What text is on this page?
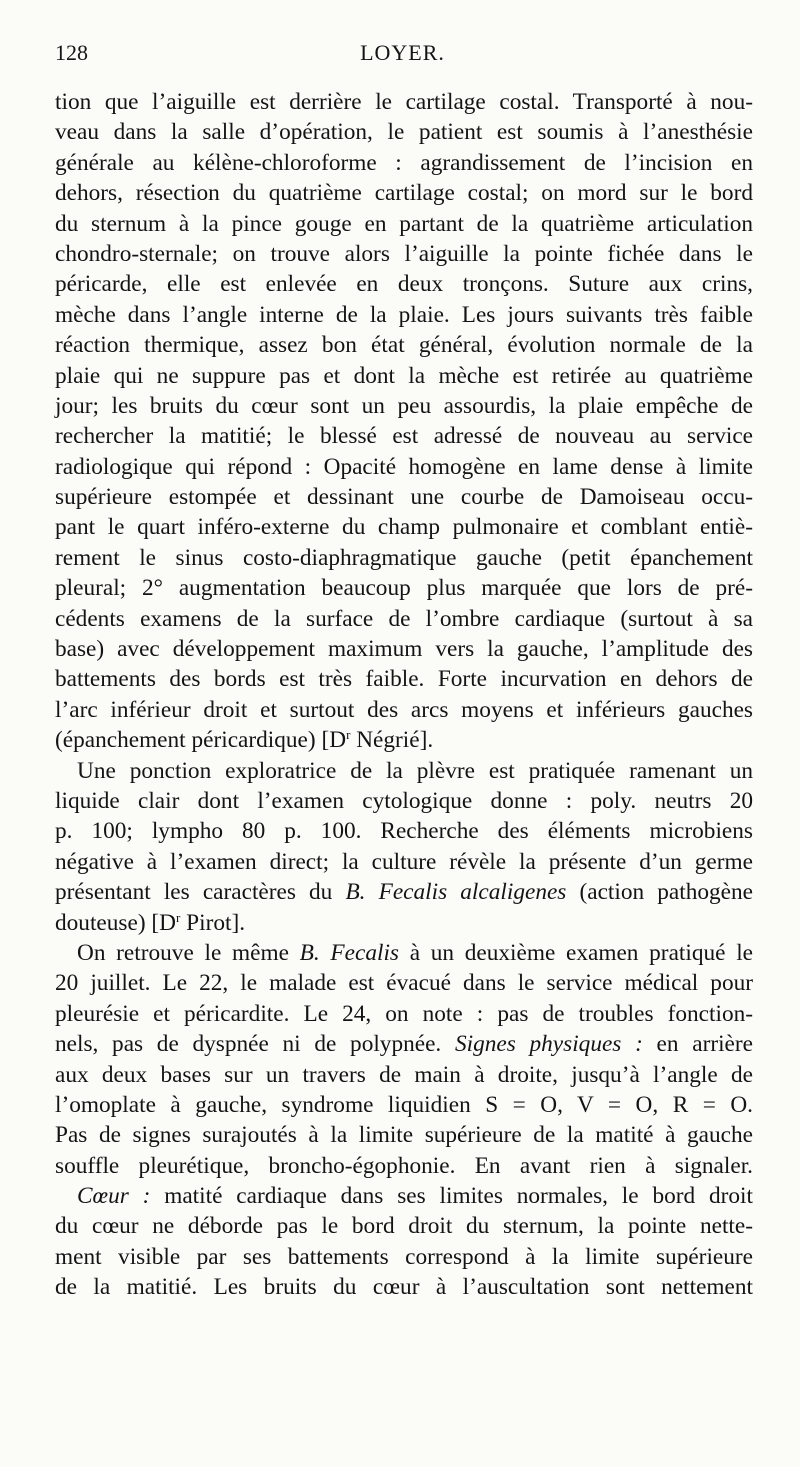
128	LOYER.
tion que l’aiguille est derrière le cartilage costal. Transporté à nou-
veau dans la salle d’opération, le patient est soumis à l’anesthésie
générale au kélène-chloroforme : agrandissement de l’incision en
dehors, résection du quatrième cartilage costal; on mord sur le bord
du sternum à la pince gouge en partant de la quatrième articulation
chondro-sternale; on trouve alors l’aiguille la pointe fichée dans le
péricarde, elle est enlevée en deux tronçons. Suture aux crins,
mèche dans l’angle interne de la plaie. Les jours suivants très faible
réaction thermique, assez bon état général, évolution normale de la
plaie qui ne suppure pas et dont la mèche est retirée au quatrième
jour; les bruits du cœur sont un peu assourdis, la plaie empêche de
rechercher la matitié; le blessé est adressé de nouveau au service
radiologique qui répond : Opacité homogène en lame dense à limite
supérieure estompée et dessinant une courbe de Damoiseau occu-
pant le quart inféro-externe du champ pulmonaire et comblant entiè-
rement le sinus costo-diaphragmatique gauche (petit épanchement
pleural; 2° augmentation beaucoup plus marquée que lors de pré-
cédents examens de la surface de l’ombre cardiaque (surtout à sa
base) avec développement maximum vers la gauche, l’amplitude des
battements des bords est très faible. Forte incurvation en dehors de
l’arc inférieur droit et surtout des arcs moyens et inférieurs gauches
(épanchement péricardique) [$D^r$ Négrié].
Une ponction exploratrice de la plèvre est pratiquée ramenant un
liquide clair dont l’examen cytologique donne : poly. neutrs 20
p. 100; lympho 80 p. 100. Recherche des éléments microbiens
négative à l’examen direct; la culture révèle la présente d’un germe
présentant les caractères du B. Fecalis alcaligenes (action pathogène
douteuse) [$D^r$ Pirot].
On retrouve le même B. Fecalis à un deuxième examen pratiqué le
20 juillet. Le 22, le malade est évacué dans le service médical pour
pleurésie et péricardite. Le 24, on note : pas de troubles fonction-
nels, pas de dyspnée ni de polypnée. Signes physiques : en arrière
aux deux bases sur un travers de main à droite, jusqu’à l’angle de
l’omoplate à gauche, syndrome liquidien S = O, V = O, R = O.
Pas de signes surajoutés à la limite supérieure de la matité à gauche
souffle pleurétique, broncho-égophonie. En avant rien à signaler.
Cœur : matité cardiaque dans ses limites normales, le bord droit
du cœur ne déborde pas le bord droit du sternum, la pointe nette-
ment visible par ses battements correspond à la limite supérieure
de la matitié. Les bruits du cœur à l’auscultation sont nettement
